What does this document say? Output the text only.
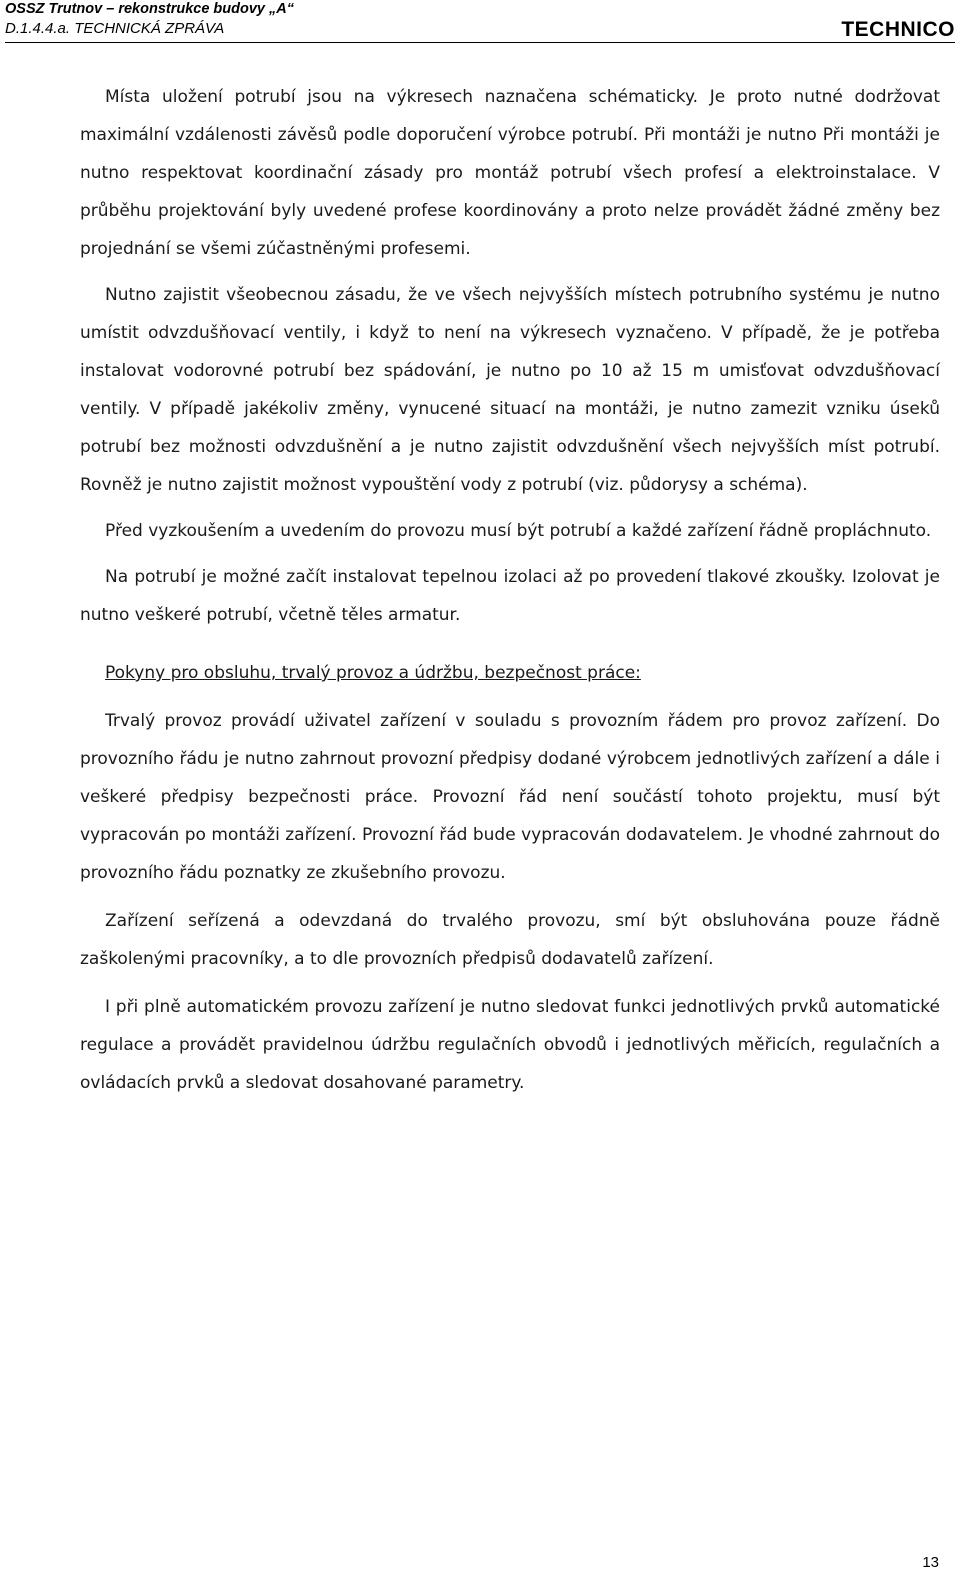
OSSZ Trutnov – rekonstrukce budovy „A“
D.1.4.4.a. TECHNICKÁ ZPRÁVA	TECHNICO

Místa uložení potrubí jsou na výkresech naznačena schématicky. Je proto nutné dodržovat maximální vzdálenosti závěsů podle doporučení výrobce potrubí. Při montáži je nutno Při montáži je nutno respektovat koordinační zásady pro montáž potrubí všech profesí a elektroinstalace. V průběhu projektování byly uvedené profese koordinovány a proto nelze provádět žádné změny bez projednání se všemi zúčastněnými profesemi.

Nutno zajistit všeobecnou zásadu, že ve všech nejvyšších místech potrubního systému je nutno umístit odvzdušňovací ventily, i když to není na výkresech vyznačeno. V případě, že je potřeba instalovat vodorovné potrubí bez spádování, je nutno po 10 až 15 m umisťovat odvzdušňovací ventily. V případě jakékoliv změny, vynucené situací na montáži, je nutno zamezit vzniku úseků potrubí bez možnosti odvzdušnění a je nutno zajistit odvzdušnění všech nejvyšších míst potrubí. Rovněž je nutno zajistit možnost vypouštění vody z potrubí (viz. půdorysy a schéma).

Před vyzkoušením a uvedením do provozu musí být potrubí a každé zařízení řádně propláchnuto.

Na potrubí je možné začít instalovat tepelnou izolaci až po provedení tlakové zkoušky. Izolovat je nutno veškeré potrubí, včetně těles armatur.

Pokyny pro obsluhu, trvalý provoz a údržbu, bezpečnost práce:

Trvalý provoz provádí uživatel zařízení v souladu s provozním řádem pro provoz zařízení. Do provozního řádu je nutno zahrnout provozní předpisy dodané výrobcem jednotlivých zařízení a dále i veškeré předpisy bezpečnosti práce. Provozní řád není součástí tohoto projektu, musí být vypracován po montáži zařízení. Provozní řád bude vypracován dodavatelem. Je vhodné zahrnout do provozního řádu poznatky ze zkušebního provozu.

Zařízení seřízená a odevzdaná do trvalého provozu, smí být obsluhována pouze řádně zaškolenými pracovníky, a to dle provozních předpisů dodavatelů zařízení.

I při plně automatickém provozu zařízení je nutno sledovat funkci jednotlivých prvků automatické regulace a provádět pravidelnou údržbu regulačních obvodů i jednotlivých měřicích, regulačních a ovládacích prvků a sledovat dosahované parametry.

13
